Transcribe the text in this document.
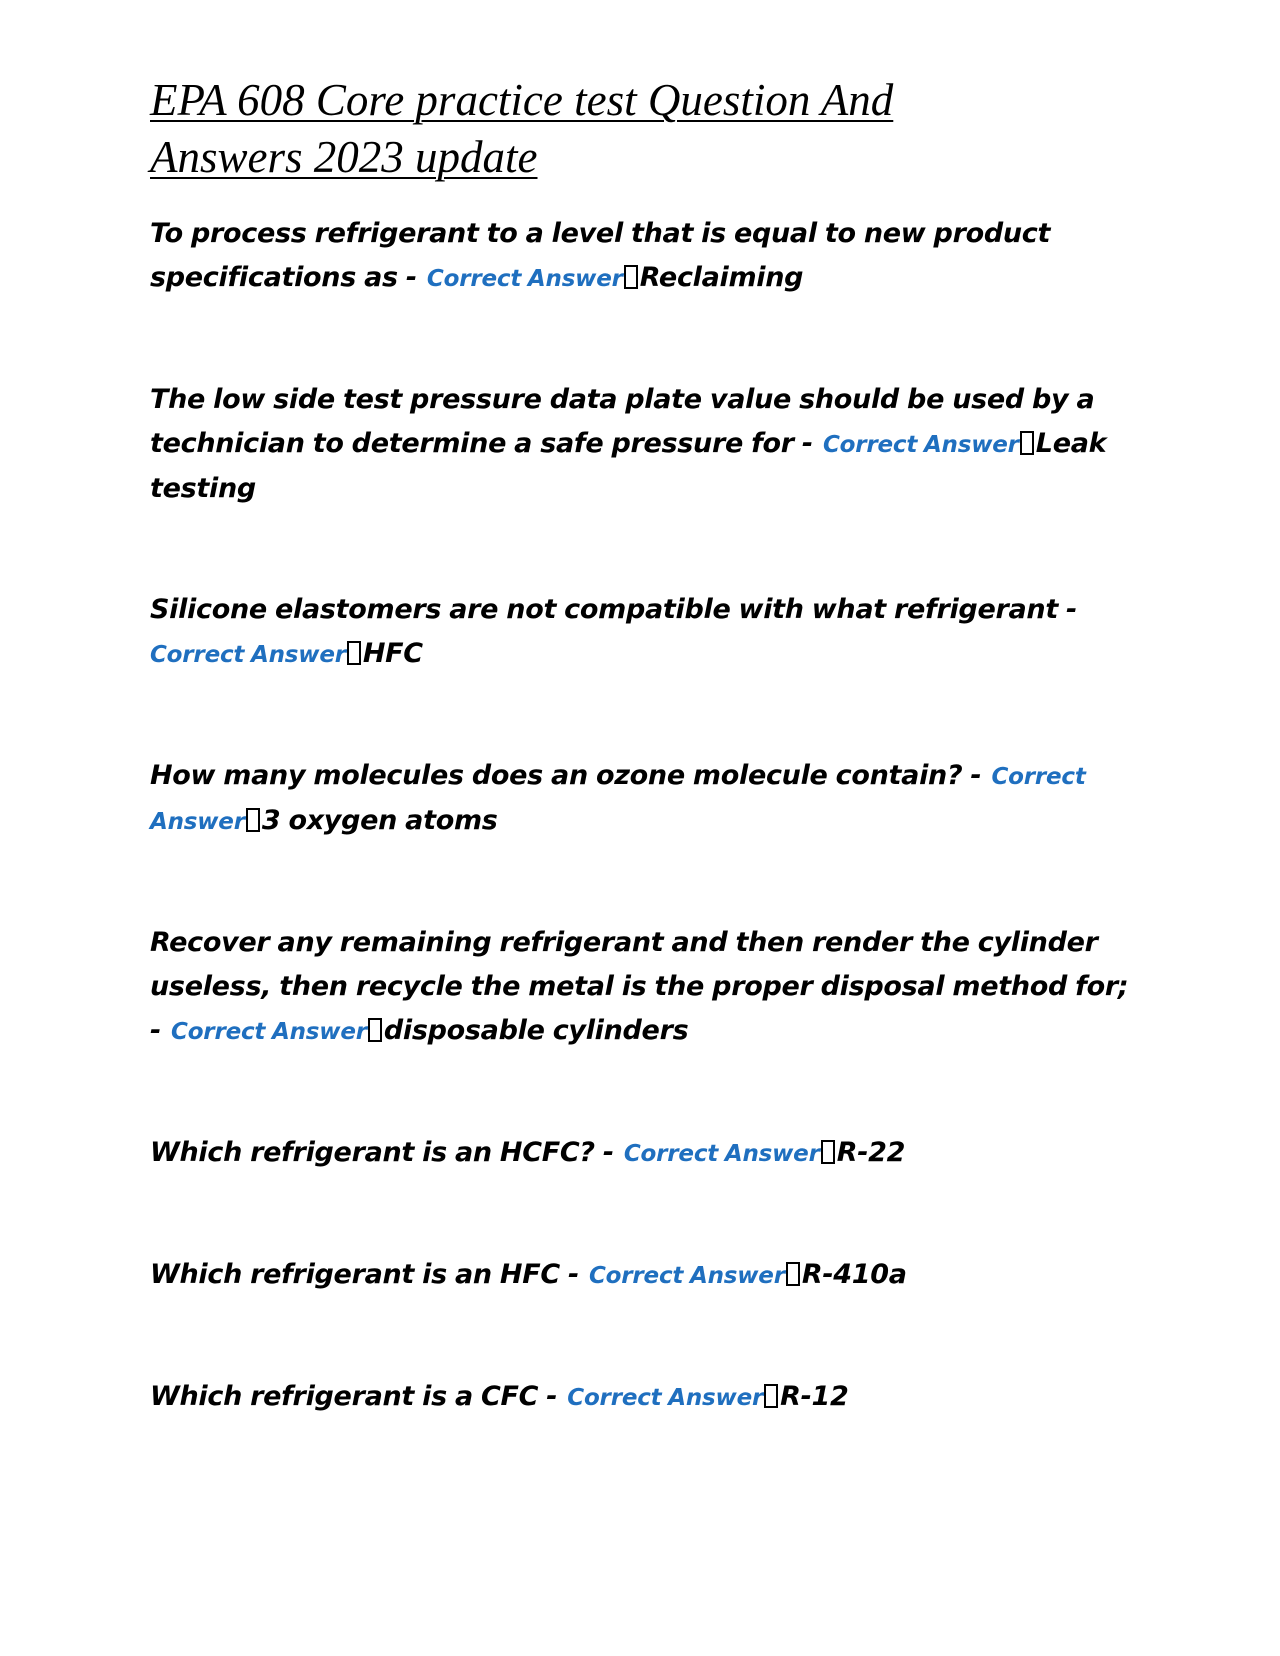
EPA 608 Core practice test Question And Answers 2023 update
To process refrigerant to a level that is equal to new product specifications as - Correct Answer Reclaiming
The low side test pressure data plate value should be used by a technician to determine a safe pressure for - Correct Answer Leak testing
Silicone elastomers are not compatible with what refrigerant - Correct Answer HFC
How many molecules does an ozone molecule contain? - Correct Answer 3 oxygen atoms
Recover any remaining refrigerant and then render the cylinder useless, then recycle the metal is the proper disposal method for; - Correct Answer disposable cylinders
Which refrigerant is an HCFC? - Correct Answer R-22
Which refrigerant is an HFC - Correct Answer R-410a
Which refrigerant is a CFC - Correct Answer R-12
